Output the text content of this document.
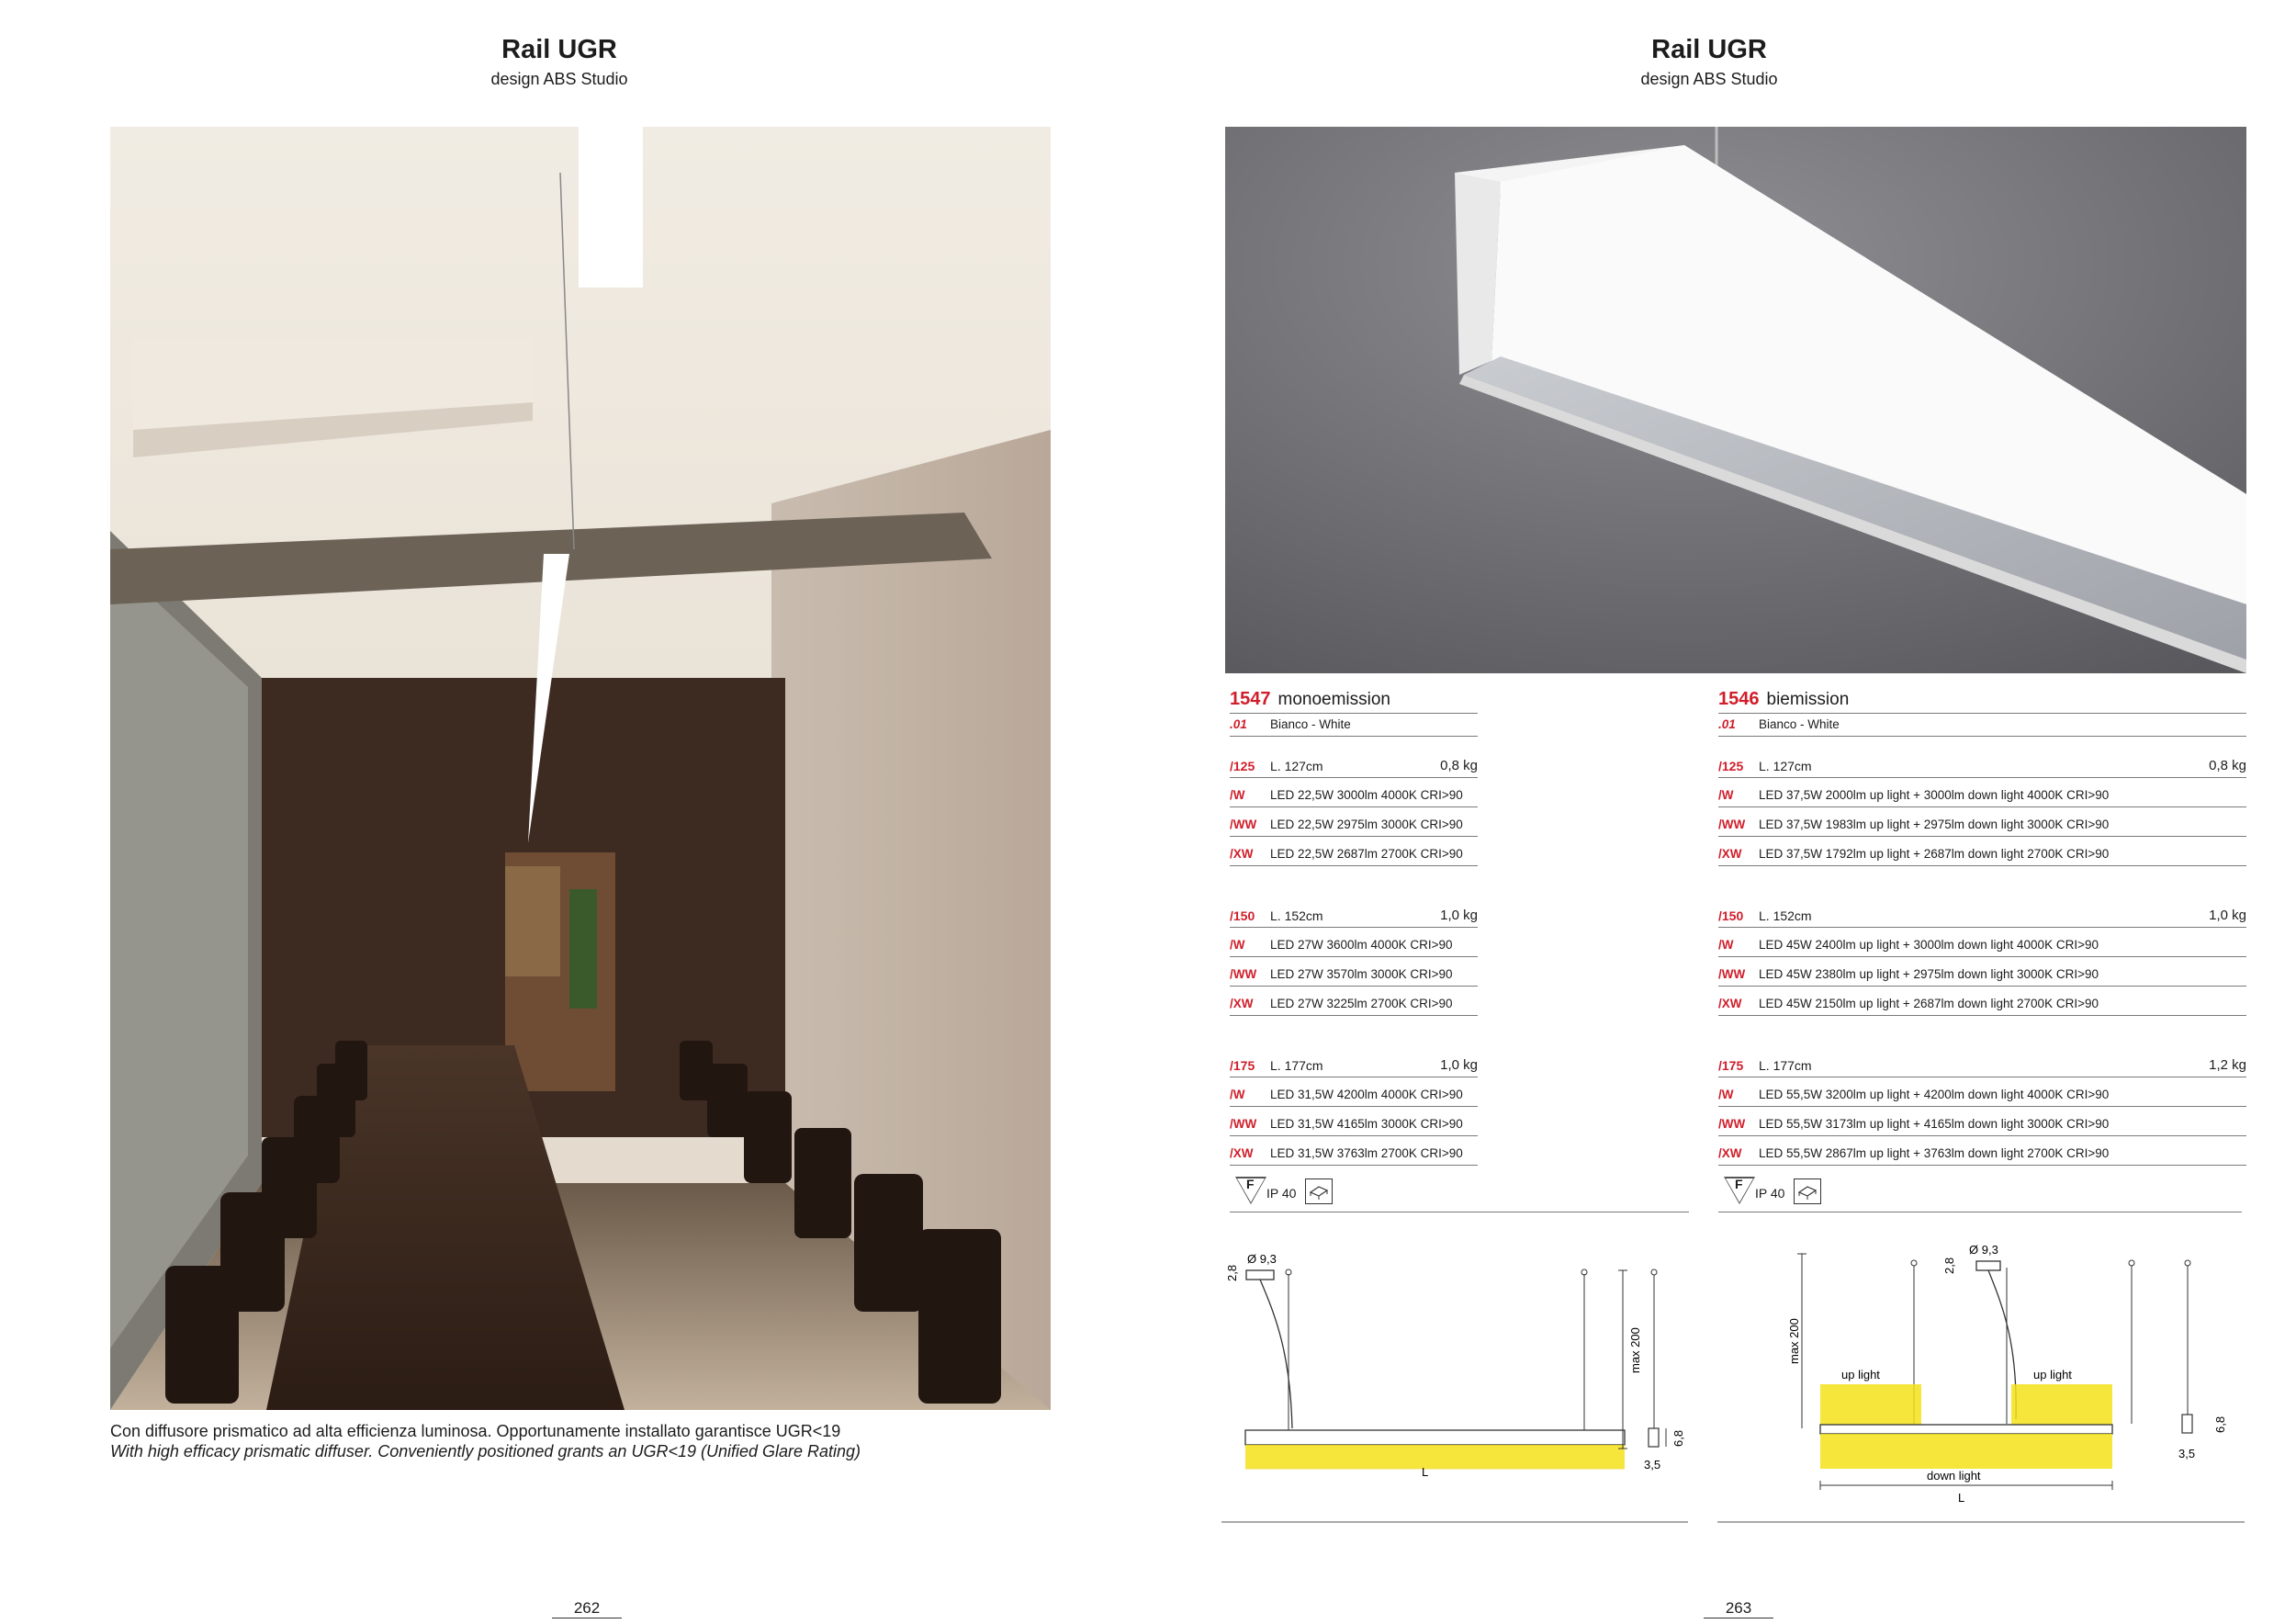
Rail UGR
design ABS Studio
Con diffusore prismatico ad alta efficienza luminosa. Opportunamente installato garantisce UGR<19
With high efficacy prismatic diffuser. Conveniently positioned grants an UGR<19 (Unified Glare Rating)
262
Rail UGR
design ABS Studio
1547 monoemission
.01 Bianco - White
/125 L. 127cm	0,8 kg
/W LED 22,5W 3000lm 4000K CRI>90
/WW LED 22,5W 2975lm 3000K CRI>90
/XW LED 22,5W 2687lm 2700K CRI>90
/150 L. 152cm	1,0 kg
/W LED 27W 3600lm 4000K CRI>90
/WW LED 27W 3570lm 3000K CRI>90
/XW LED 27W 3225lm 2700K CRI>90
/175 L. 177cm	1,0 kg
/W LED 31,5W 4200lm 4000K CRI>90
/WW LED 31,5W 4165lm 3000K CRI>90
/XW LED 31,5W 3763lm 2700K CRI>90
F
IP 40
1546 biemission
.01 Bianco - White
/125 L. 127cm	0,8 kg
/W LED 37,5W 2000lm up light + 3000lm down light 4000K CRI>90
/WW LED 37,5W 1983lm up light + 2975lm down light 3000K CRI>90
/XW LED 37,5W 1792lm up light + 2687lm down light 2700K CRI>90
/150 L. 152cm	1,0 kg
/W LED 45W 2400lm up light + 3000lm down light 4000K CRI>90
/WW LED 45W 2380lm up light + 2975lm down light 3000K CRI>90
/XW LED 45W 2150lm up light + 2687lm down light 2700K CRI>90
/175 L. 177cm	1,2 kg
/W LED 55,5W 3200lm up light + 4200lm down light 4000K CRI>90
/WW LED 55,5W 3173lm up light + 4165lm down light 3000K CRI>90
/XW LED 55,5W 2867lm up light + 3763lm down light 2700K CRI>90
F
IP 40
Ø 9,3
2,8
max 200
6,8
3,5
L
Ø 9,3
2,8
max 200
6,8
3,5
up light	up light
down light
L
263
